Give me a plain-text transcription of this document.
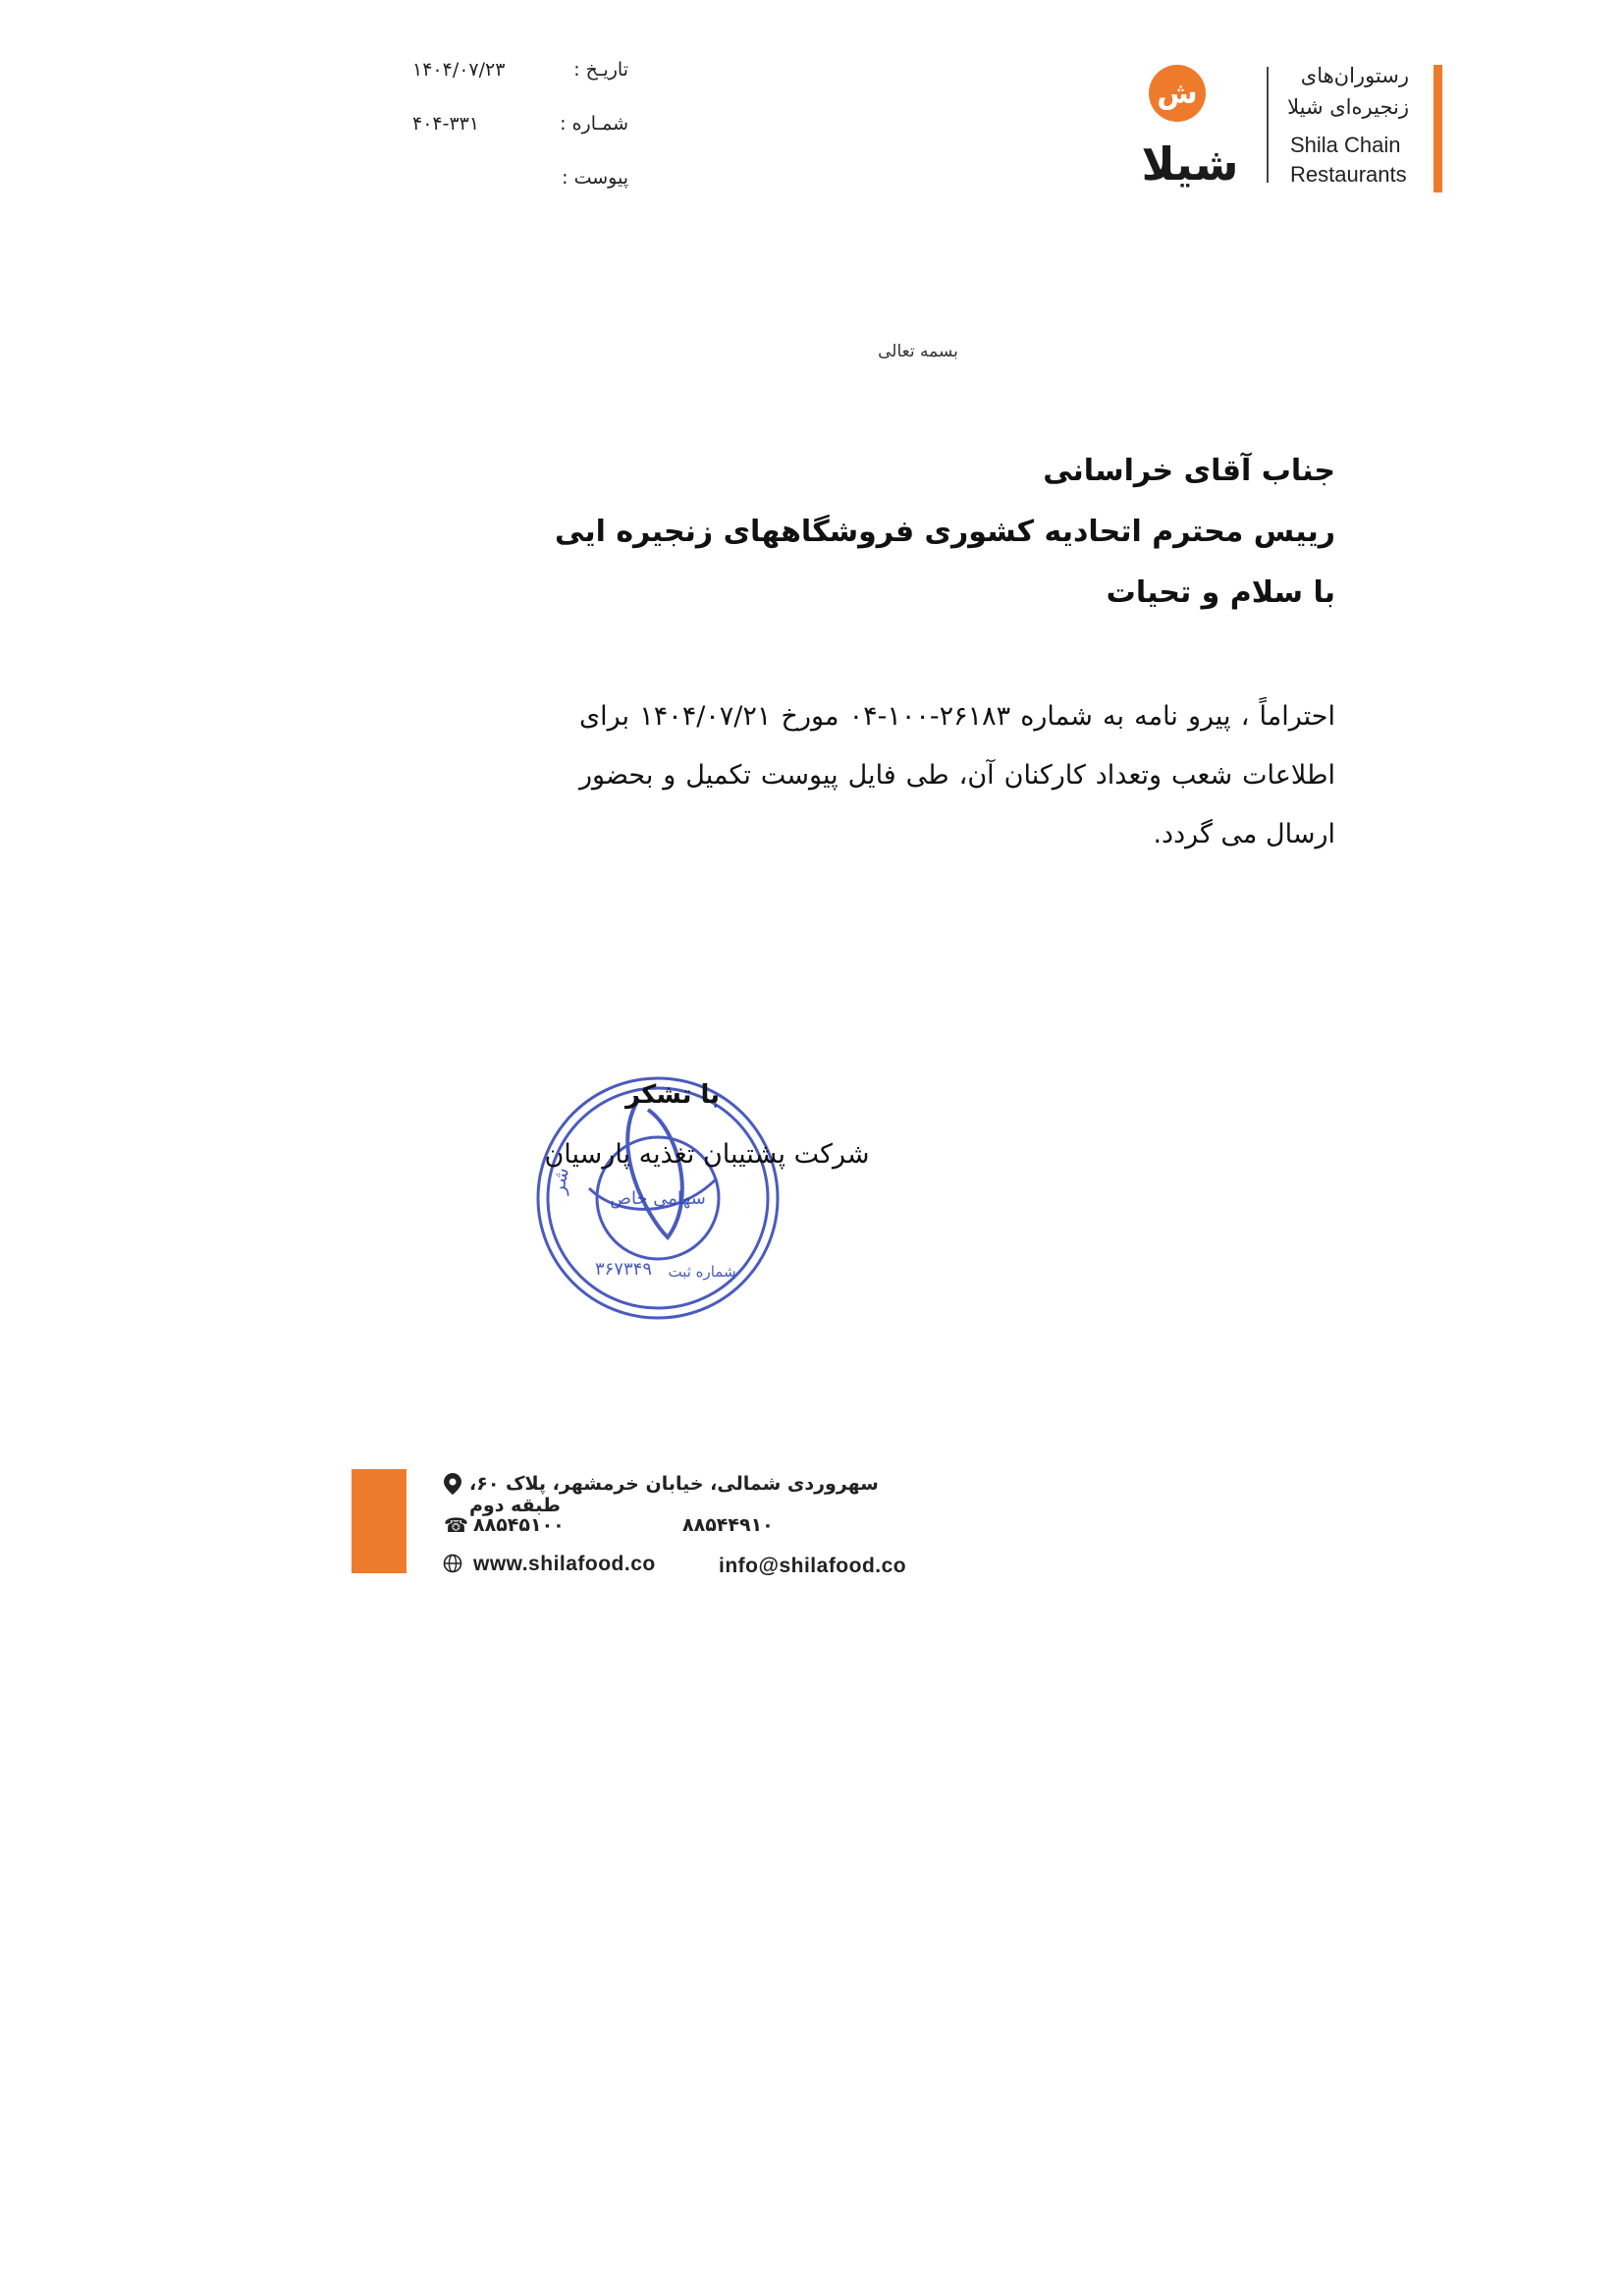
تاریـخ :
۱۴۰۴/۰۷/۲۳
شمـاره :
۴۰۴-۳۳۱
پیوست :
ش
شیلا
رستوران‌های
زنجیره‌ای شیلا
Shila Chain
Restaurants
بسمه تعالی
جناب آقای خراسانی
رییس محترم اتحادیه کشوری فروشگاههای زنجیره ایی
با سلام و تحیات
احتراماً ، پیرو نامه به شماره ۲۶۱۸۳-۱۰۰-۰۴ مورخ ۱۴۰۴/۰۷/۲۱ برای اطلاعات شعب وتعداد کارکنان آن، طی فایل پیوست تکمیل و بحضور ارسال می گردد.
شر سهامی خاص
شماره ثبت
۳۶۷۳۴۹
با تشکر
شرکت پشتیبان تغذیه پارسیان
سهروردی شمالی، خیابان خرمشهر، پلاک ۶۰، طبقه دوم
☎ ۸۸۵۴۵۱۰۰	۸۸۵۴۴۹۱۰
www.shilafood.co	info@shilafood.co
